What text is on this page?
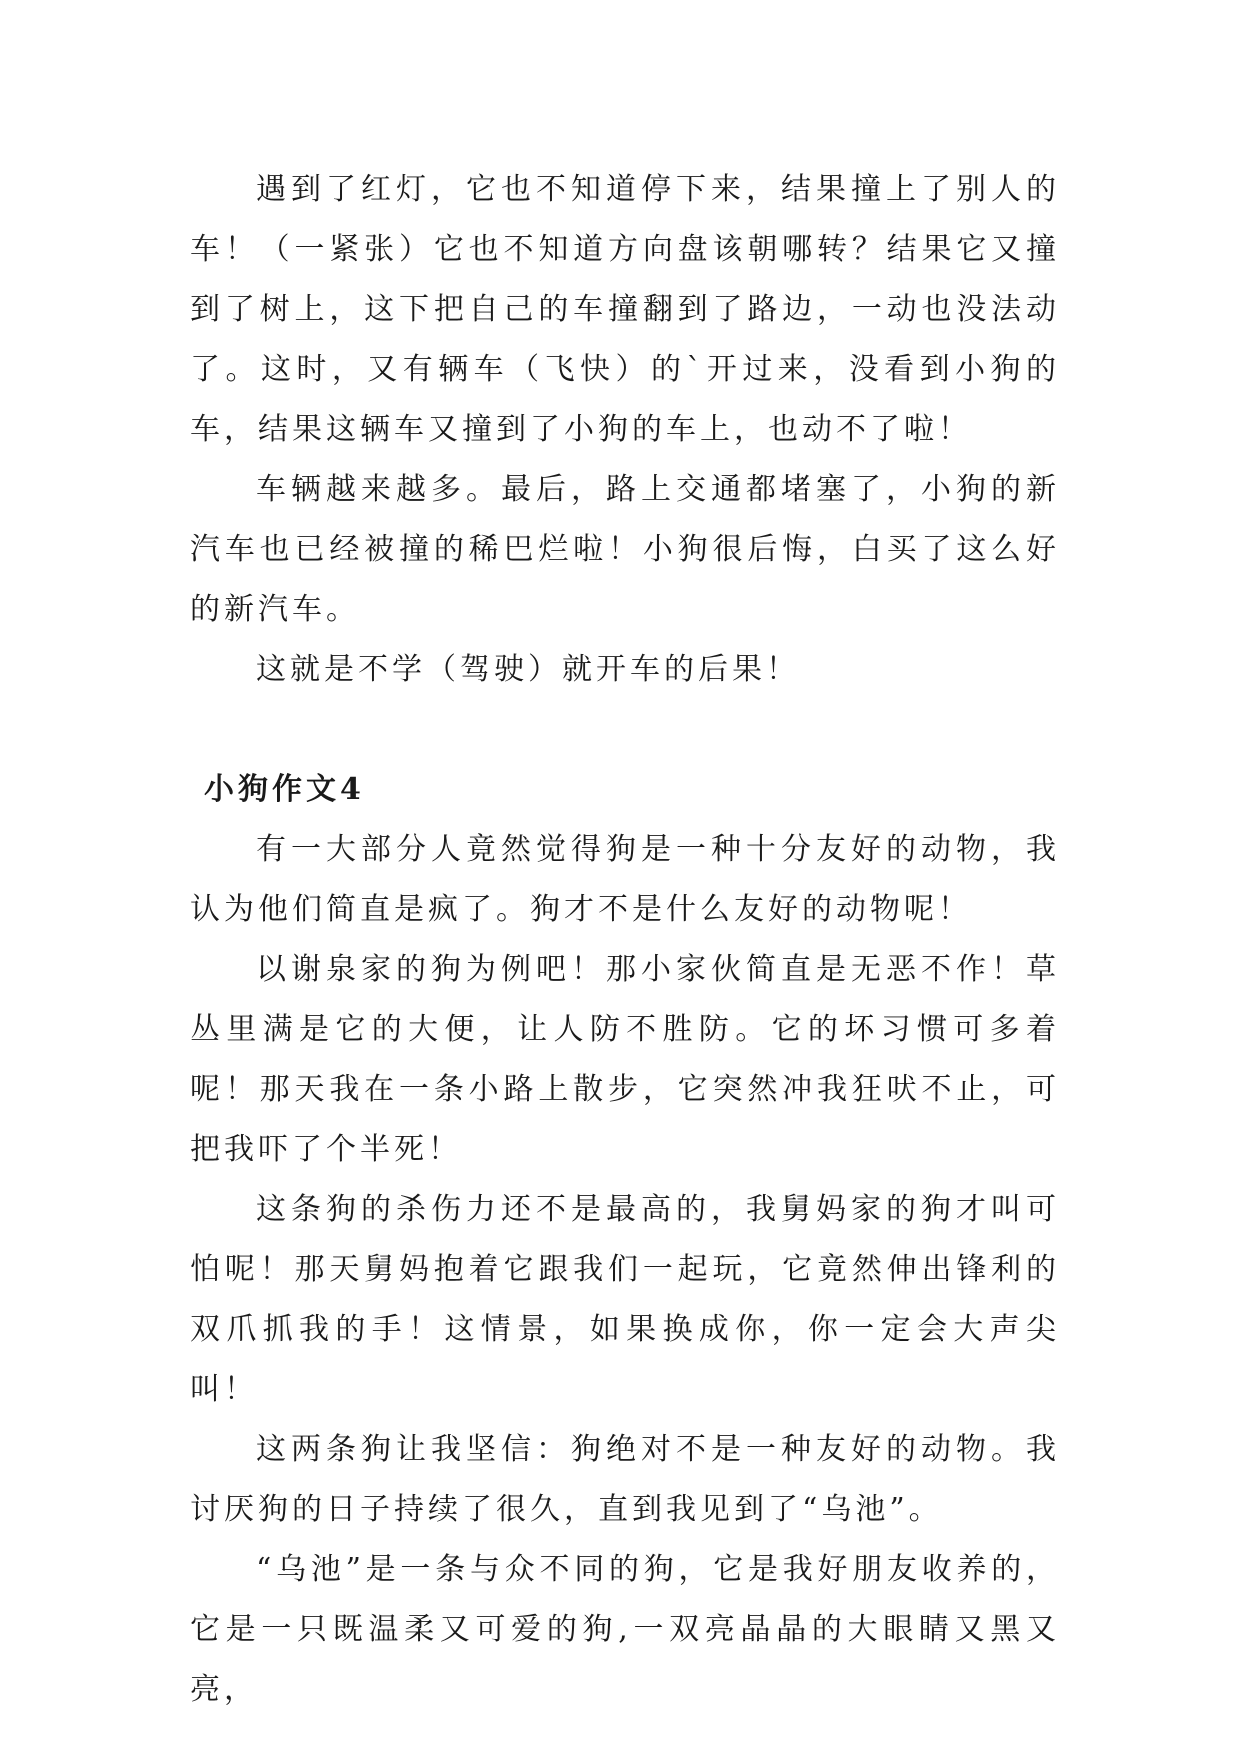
遇到了红灯，它也不知道停下来，结果撞上了别人的车！（一紧张）它也不知道方向盘该朝哪转？结果它又撞到了树上，这下把自己的车撞翻到了路边，一动也没法动了。这时，又有辆车（飞快）的`开过来，没看到小狗的车，结果这辆车又撞到了小狗的车上，也动不了啦！

车辆越来越多。最后，路上交通都堵塞了，小狗的新汽车也已经被撞的稀巴烂啦！小狗很后悔，白买了这么好的新汽车。

这就是不学（驾驶）就开车的后果！

小狗作文4

有一大部分人竟然觉得狗是一种十分友好的动物，我认为他们简直是疯了。狗才不是什么友好的动物呢！

以谢泉家的狗为例吧！那小家伙简直是无恶不作！草丛里满是它的大便，让人防不胜防。它的坏习惯可多着呢！那天我在一条小路上散步，它突然冲我狂吠不止，可把我吓了个半死！

这条狗的杀伤力还不是最高的，我舅妈家的狗才叫可怕呢！那天舅妈抱着它跟我们一起玩，它竟然伸出锋利的双爪抓我的手！这情景，如果换成你，你一定会大声尖叫！

这两条狗让我坚信：狗绝对不是一种友好的动物。我讨厌狗的日子持续了很久，直到我见到了“乌池”。

“乌池”是一条与众不同的狗，它是我好朋友收养的，它是一只既温柔又可爱的狗,一双亮晶晶的大眼睛又黑又亮，
